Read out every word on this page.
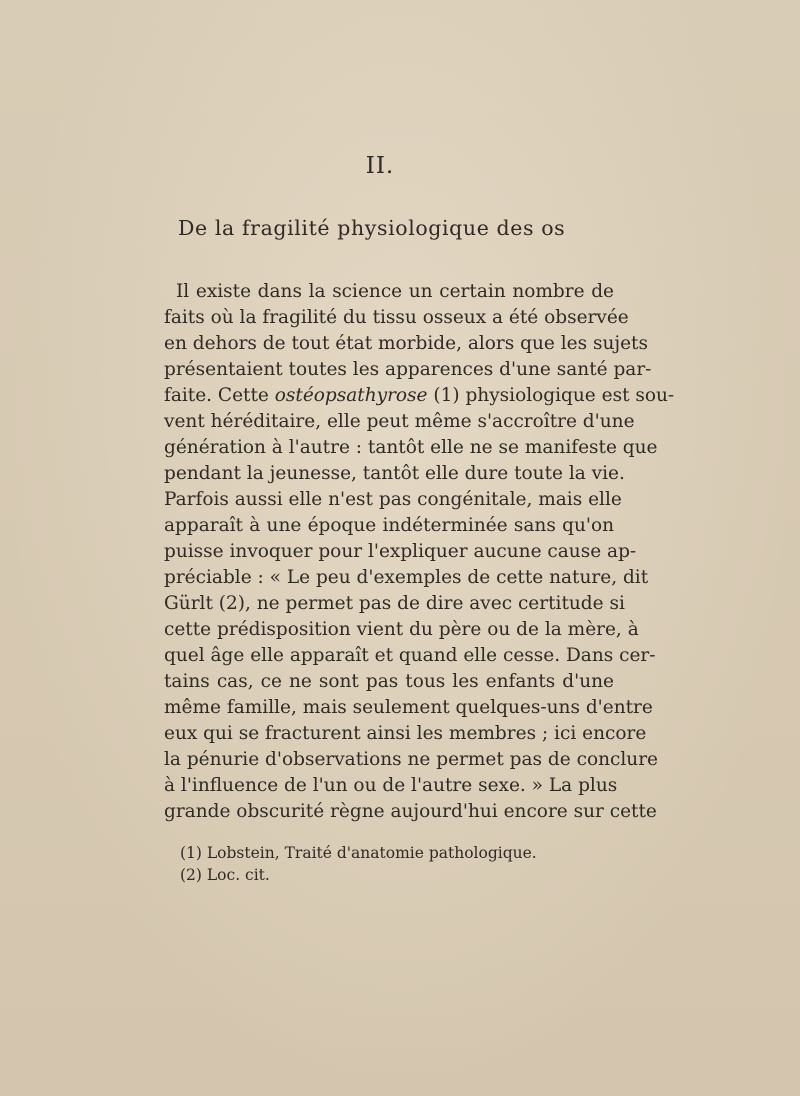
II.
De la fragilité physiologique des os
Il existe dans la science un certain nombre de
faits où la fragilité du tissu osseux a été observée
en dehors de tout état morbide, alors que les sujets
présentaient toutes les apparences d'une santé par-
faite. Cette ostéopsathyrose (1) physiologique est sou-
vent héréditaire, elle peut même s'accroître d'une
génération à l'autre : tantôt elle ne se manifeste que
pendant la jeunesse, tantôt elle dure toute la vie.
Parfois aussi elle n'est pas congénitale, mais elle
apparaît à une époque indéterminée sans qu'on
puisse invoquer pour l'expliquer aucune cause ap-
préciable : « Le peu d'exemples de cette nature, dit
Gürlt (2), ne permet pas de dire avec certitude si
cette prédisposition vient du père ou de la mère, à
quel âge elle apparaît et quand elle cesse. Dans cer-
tains cas, ce ne sont pas tous les enfants d'une
même famille, mais seulement quelques-uns d'entre
eux qui se fracturent ainsi les membres ; ici encore
la pénurie d'observations ne permet pas de conclure
à l'influence de l'un ou de l'autre sexe. » La plus
grande obscurité règne aujourd'hui encore sur cette
(1) Lobstein, Traité d'anatomie pathologique.
(2) Loc. cit.
